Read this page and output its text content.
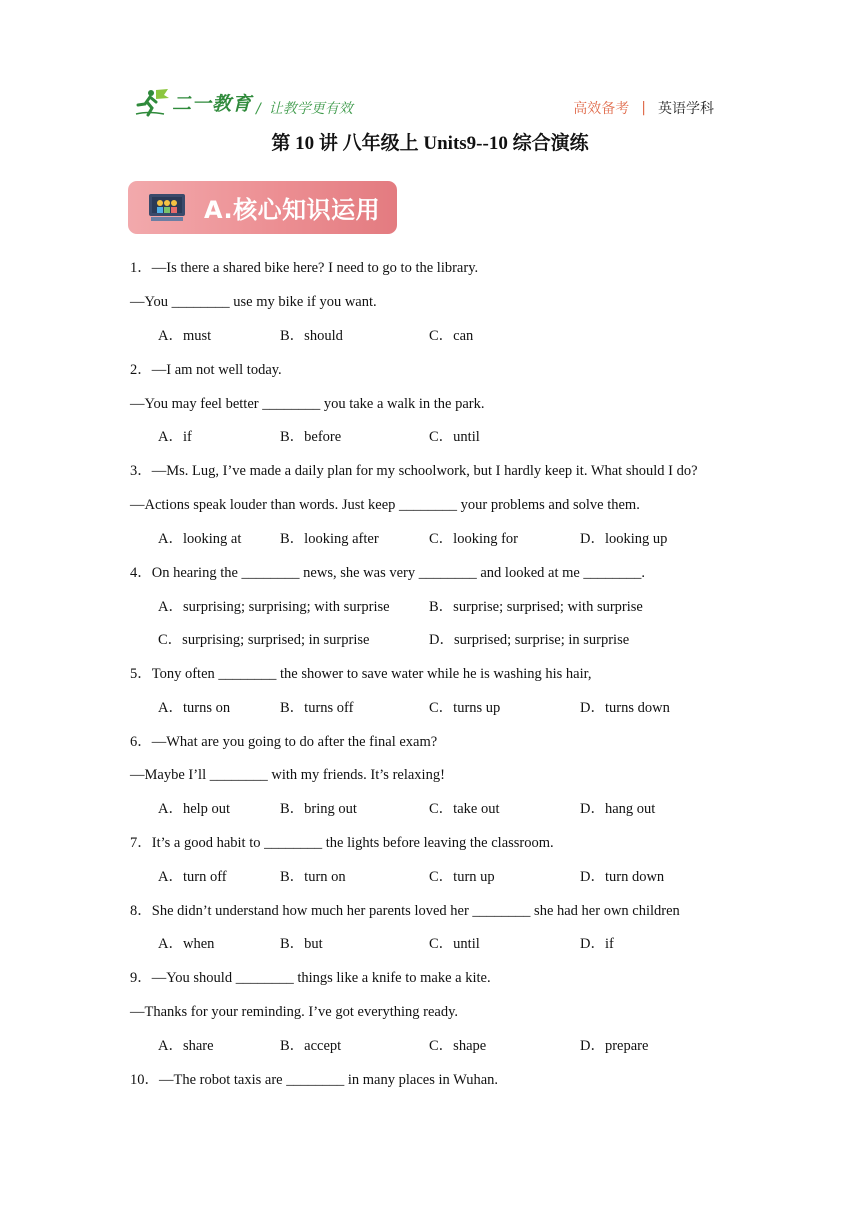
二一教育 / 让教学更有效	高效备考 | 英语学科
第 10 讲 八年级上 Units9--10 综合演练
A.核心知识运用
1．—Is there a shared bike here? I need to go to the library.
—You ________ use my bike if you want.
A．must	B．should	C．can
2．—I am not well today.
—You may feel better ________ you take a walk in the park.
A．if	B．before	C．until
3．—Ms. Lug, I’ve made a daily plan for my schoolwork, but I hardly keep it. What should I do?
—Actions speak louder than words. Just keep ________ your problems and solve them.
A．looking at	B．looking after	C．looking for	D．looking up
4．On hearing the ________ news, she was very ________ and looked at me ________.
A．surprising; surprising; with surprise	B．surprise; surprised; with surprise
C．surprising; surprised; in surprise	D．surprised; surprise; in surprise
5．Tony often ________ the shower to save water while he is washing his hair,
A．turns on	B．turns off	C．turns up	D．turns down
6．—What are you going to do after the final exam?
—Maybe I’ll ________ with my friends. It’s relaxing!
A．help out	B．bring out	C．take out	D．hang out
7．It’s a good habit to ________ the lights before leaving the classroom.
A．turn off	B．turn on	C．turn up	D．turn down
8．She didn’t understand how much her parents loved her ________ she had her own children
A．when	B．but	C．until	D．if
9．—You should ________ things like a knife to make a kite.
—Thanks for your reminding. I’ve got everything ready.
A．share	B．accept	C．shape	D．prepare
10．—The robot taxis are ________ in many places in Wuhan.
